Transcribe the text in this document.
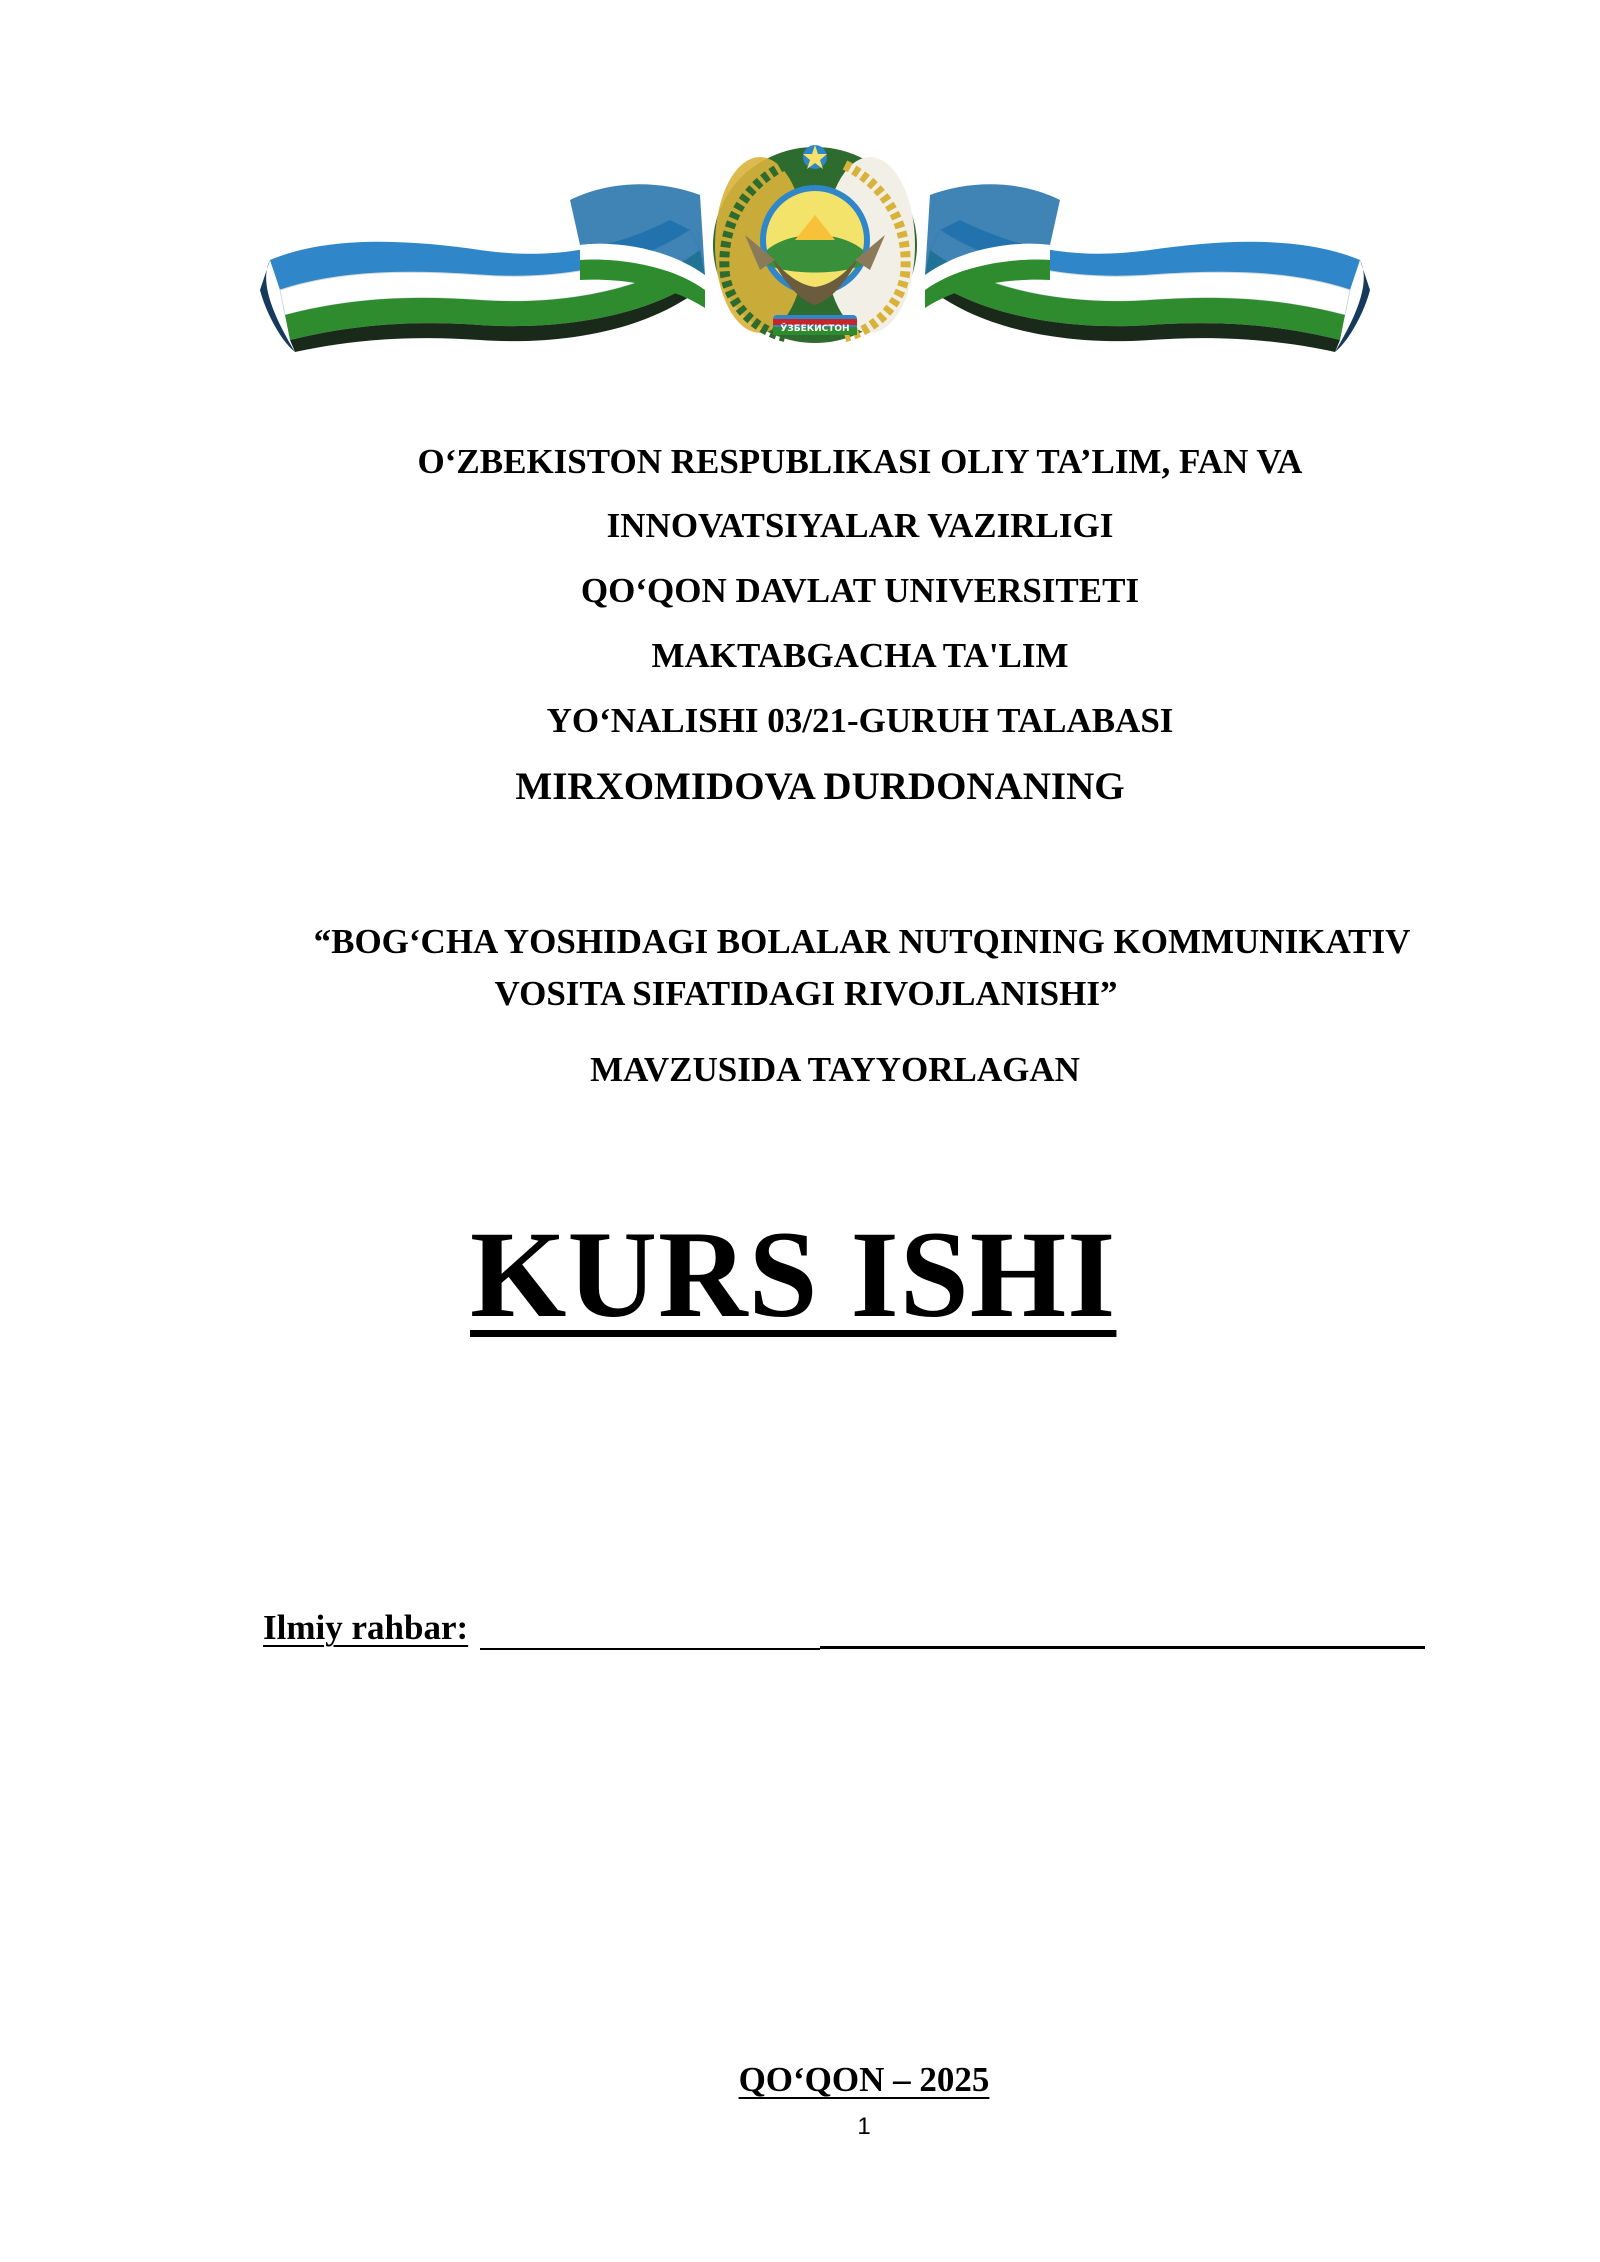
ЎЗБЕКИСТОН
O‘ZBEKISTON RESPUBLIKASI OLIY TA’LIM, FAN VA
INNOVATSIYALAR VAZIRLIGI
QO‘QON DAVLAT UNIVERSITETI
MAKTABGACHA TA'LIM
YO‘NALISHI 03/21-GURUH TALABASI
MIRXOMIDOVA DURDONANING
“BOG‘CHA YOSHIDAGI BOLALAR NUTQINING KOMMUNIKATIV
VOSITA SIFATIDAGI RIVOJLANISHI”
MAVZUSIDA TAYYORLAGAN
KURS ISHI
Ilmiy rahbar:
QO‘QON – 2025
1
